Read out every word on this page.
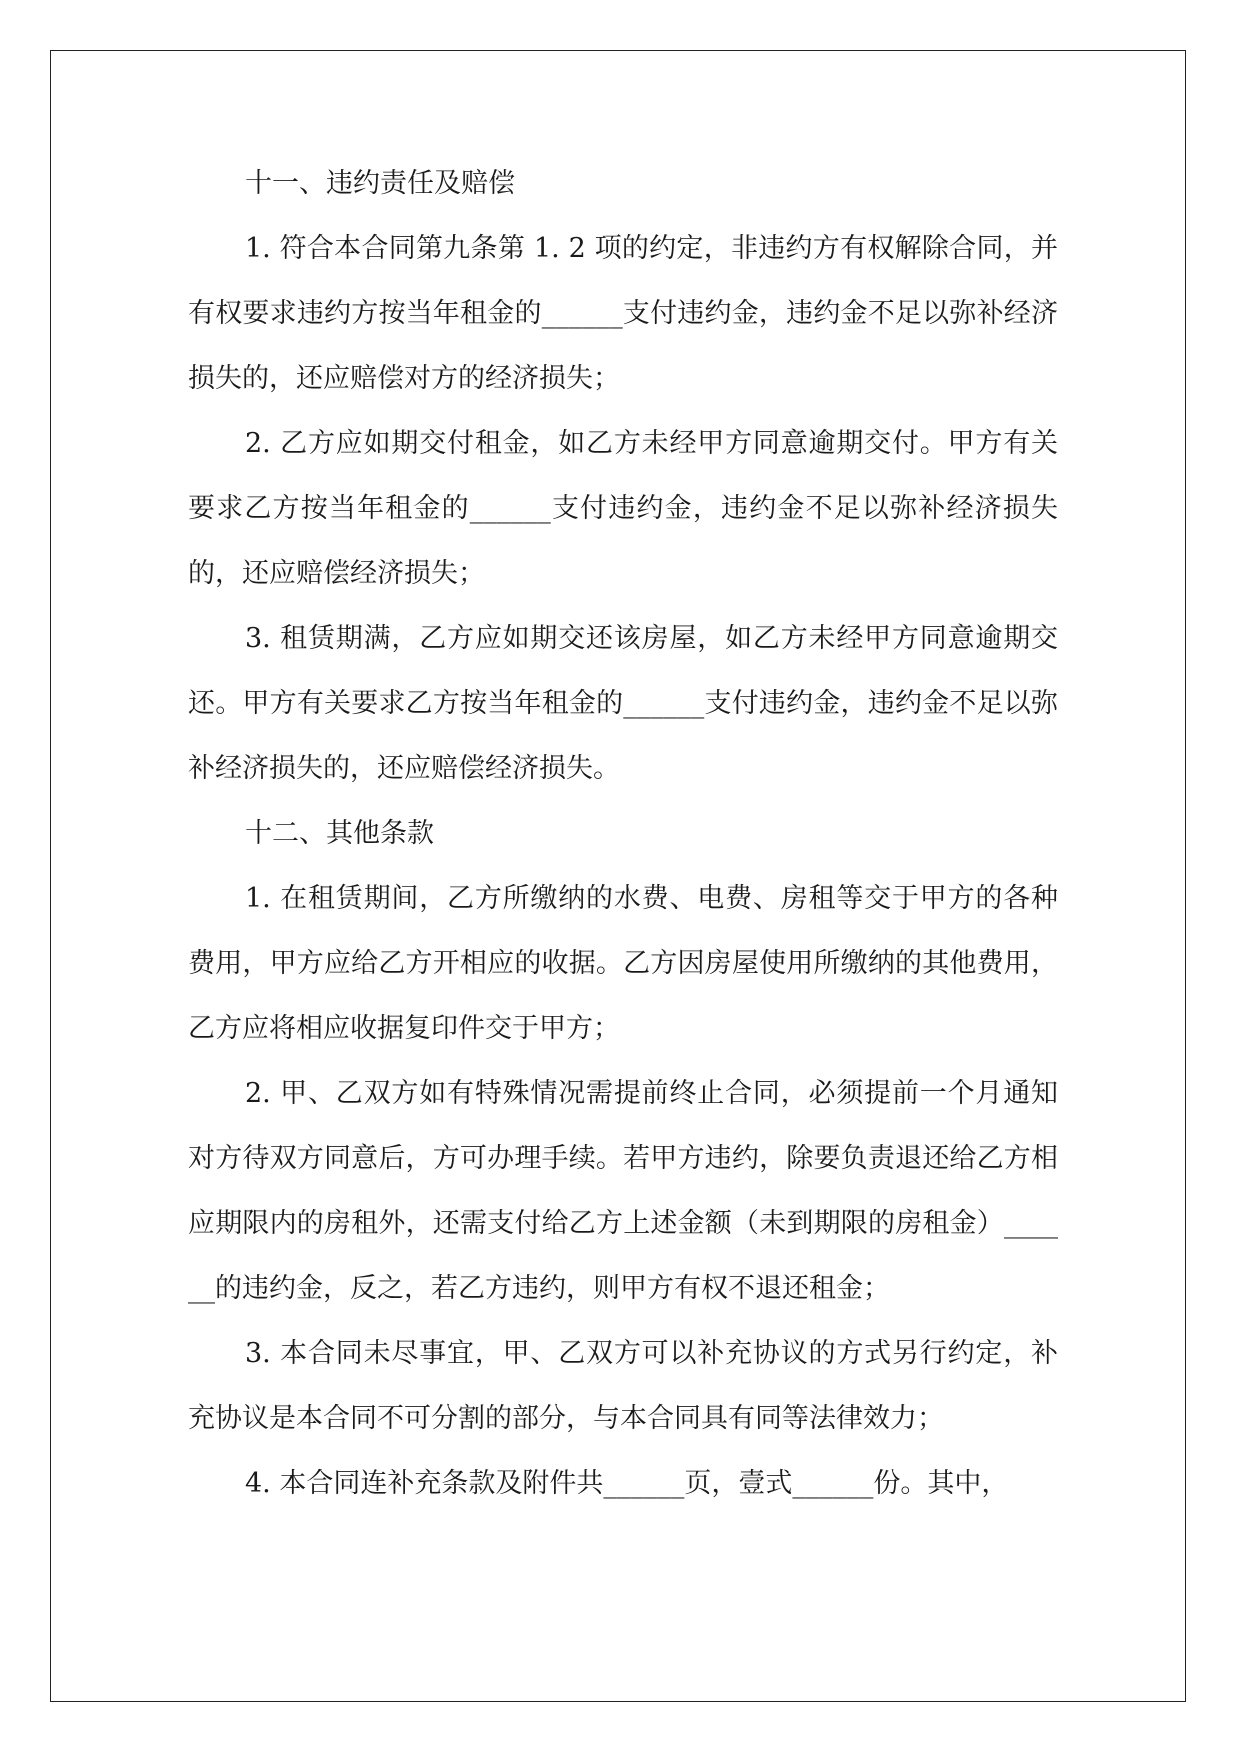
十一、违约责任及赔偿

1. 符合本合同第九条第 1. 2 项的约定，非违约方有权解除合同，并有权要求违约方按当年租金的______支付违约金，违约金不足以弥补经济损失的，还应赔偿对方的经济损失；

2. 乙方应如期交付租金，如乙方未经甲方同意逾期交付。甲方有关要求乙方按当年租金的______支付违约金，违约金不足以弥补经济损失的，还应赔偿经济损失；

3. 租赁期满，乙方应如期交还该房屋，如乙方未经甲方同意逾期交还。甲方有关要求乙方按当年租金的______支付违约金，违约金不足以弥补经济损失的，还应赔偿经济损失。

十二、其他条款

1. 在租赁期间，乙方所缴纳的水费、电费、房租等交于甲方的各种费用，甲方应给乙方开相应的收据。乙方因房屋使用所缴纳的其他费用，乙方应将相应收据复印件交于甲方；

2. 甲、乙双方如有特殊情况需提前终止合同，必须提前一个月通知对方待双方同意后，方可办理手续。若甲方违约，除要负责退还给乙方相应期限内的房租外，还需支付给乙方上述金额（未到期限的房租金）______的违约金，反之，若乙方违约，则甲方有权不退还租金；

3. 本合同未尽事宜，甲、乙双方可以补充协议的方式另行约定，补充协议是本合同不可分割的部分，与本合同具有同等法律效力；

4. 本合同连补充条款及附件共______页，壹式______份。其中，
